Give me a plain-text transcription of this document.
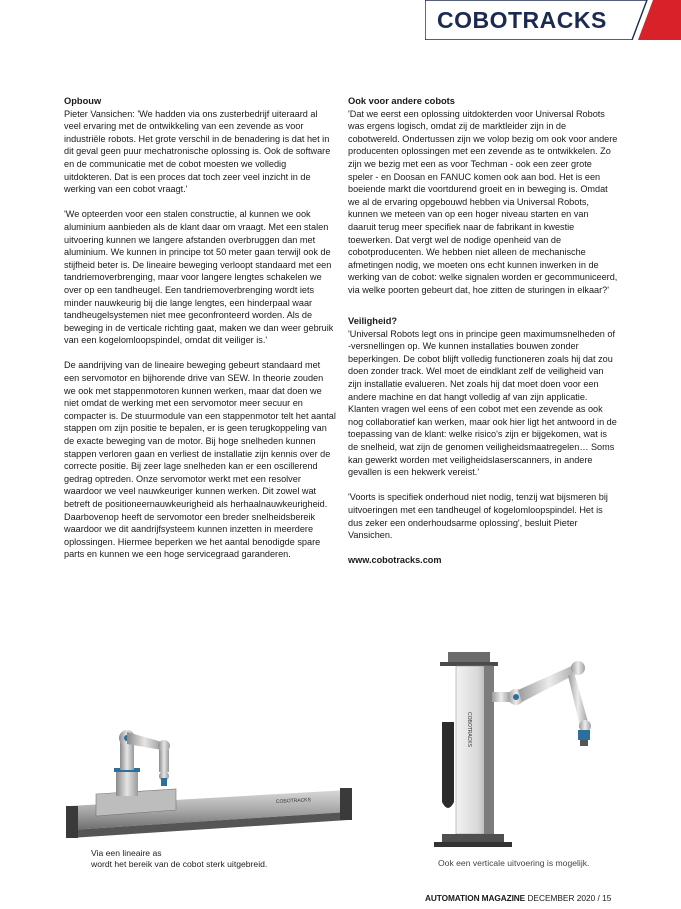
COBOTRACKS
Opbouw

Pieter Vansichen: 'We hadden via ons zusterbedrijf uiteraard al veel ervaring met de ontwikkeling van een zevende as voor industriële robots. Het grote verschil in de benadering is dat het in dit geval geen puur mechatronische oplossing is. Ook de software en de communicatie met de cobot moesten we volledig uitdokteren. Dat is een proces dat toch zeer veel inzicht in de werking van een cobot vraagt.'

'We opteerden voor een stalen constructie, al kunnen we ook aluminium aanbieden als de klant daar om vraagt. Met een stalen uitvoering kunnen we langere afstanden overbruggen dan met aluminium. We kunnen in principe tot 50 meter gaan terwijl ook de stijfheid beter is. De lineaire beweging verloopt standaard met een tandriemoverbrenging, maar voor langere lengtes schakelen we over op een tandheugel. Een tandriemoverbrenging wordt iets minder nauwkeurig bij die lange lengtes, een hinderpaal waar tandheugelsystemen niet mee geconfronteerd worden. Als de beweging in de verticale richting gaat, maken we dan weer gebruik van een kogelomloopspindel, omdat dit veiliger is.'

De aandrijving van de lineaire beweging gebeurt standaard met een servomotor en bijhorende drive van SEW. In theorie zouden we ook met stappenmotoren kunnen werken, maar dat doen we niet omdat de werking met een servomotor meer secuur en compacter is. De stuurmodule van een stappenmotor telt het aantal stappen om zijn positie te bepalen, er is geen terugkoppeling van de exacte beweging van de motor. Bij hoge snelheden kunnen stappen verloren gaan en verliest de installatie zijn kennis over de correcte positie. Bij zeer lage snelheden kan er een oscillerend gedrag optreden. Onze servomotor werkt met een resolver waardoor we veel nauwkeuriger kunnen werken. Dit zowel wat betreft de positioneernauwkeurigheid als herhaalnauwkeurigheid. Daarbovenop heeft de servomotor een breder snelheidsbereik waardoor we dit aandrijfsysteem kunnen inzetten in meerdere oplossingen. Hiermee beperken we het aantal benodigde spare parts en kunnen we een hoge servicegraad garanderen.

Ook voor andere cobots

'Dat we eerst een oplossing uitdokterden voor Universal Robots was ergens logisch, omdat zij de marktleider zijn in de cobotwereld. Ondertussen zijn we volop bezig om ook voor andere producenten oplossingen met een zevende as te ontwikkelen. Zo zijn we bezig met een as voor Techman - ook een zeer grote speler - en Doosan en FANUC komen ook aan bod. Het is een boeiende markt die voortdurend groeit en in beweging is. Omdat we al de ervaring opgebouwd hebben via Universal Robots, kunnen we meteen van op een hoger niveau starten en van daaruit terug meer specifiek naar de fabrikant in kwestie toewerken. Dat vergt wel de nodige openheid van de cobotproducenten. We hebben niet alleen de mechanische afmetingen nodig, we moeten ons echt kunnen inwerken in de werking van de cobot: welke signalen worden er gecommuniceerd, via welke poorten gebeurt dat, hoe zitten de sturingen in elkaar?'

Veiligheid?

'Universal Robots legt ons in principe geen maximumsnelheden of -versnellingen op. We kunnen installaties bouwen zonder beperkingen. De cobot blijft volledig functioneren zoals hij dat zou doen zonder track. Wel moet de eindklant zelf de veiligheid van zijn installatie evalueren. Net zoals hij dat moet doen voor een andere machine en dat hangt volledig af van zijn applicatie. Klanten vragen wel eens of een cobot met een zevende as ook nog collaboratief kan werken, maar ook hier ligt het antwoord in de toepassing van de klant: welke risico's zijn er bijgekomen, wat is de snelheid, wat zijn de genomen veiligheidsmaatregelen… Soms kan gewerkt worden met veiligheidslaserscanners, in andere gevallen is een hekwerk vereist.'

'Voorts is specifiek onderhoud niet nodig, tenzij wat bijsmeren bij uitvoeringen met een tandheugel of kogelomloopspindel. Het is dus zeker een onderhoudsarme oplossing', besluit Pieter Vansichen.

www.cobotracks.com
COBOTRACKS
COBOTRACKS
Via een lineaire as
wordt het bereik van de cobot sterk uitgebreid.	Ook een verticale uitvoering is mogelijk.
AUTOMATION MAGAZINE DECEMBER 2020 / 15
